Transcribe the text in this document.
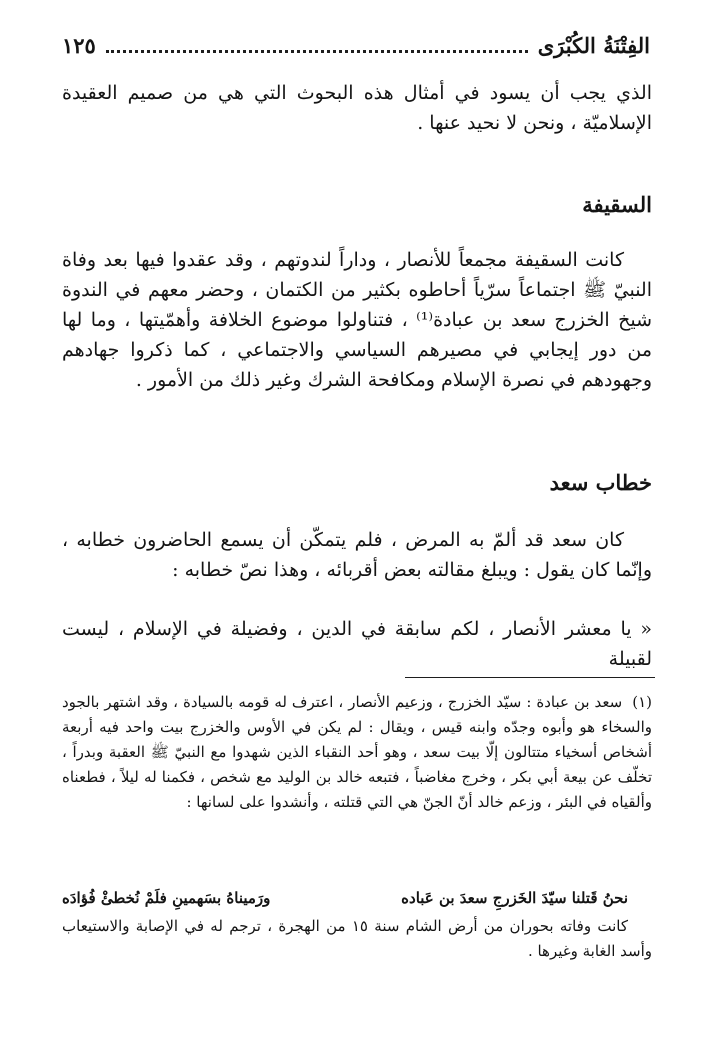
الفِتْنَةُ الكُبْرَى
١٢٥
الذي يجب أن يسود في أمثال هذه البحوث التي هي من صميم العقيدة الإسلاميّة ، ونحن لا نحيد عنها .
السقيفة
كانت السقيفة مجمعاً للأنصار ، وداراً لندوتهم ، وقد عقدوا فيها بعد وفاة النبيّ ﷺ اجتماعاً سرّياً أحاطوه بكثير من الكتمان ، وحضر معهم في الندوة شيخ الخزرج سعد بن عبادة⁽¹⁾ ، فتناولوا موضوع الخلافة وأهمّيتها ، وما لها من دور إيجابي في مصيرهم السياسي والاجتماعي ، كما ذكروا جهادهم وجهودهم في نصرة الإسلام ومكافحة الشرك وغير ذلك من الأمور .
خطاب سعد
كان سعد قد ألمّ به المرض ، فلم يتمكّن أن يسمع الحاضرون خطابه ، وإنّما كان يقول : ويبلغ مقالته بعض أقربائه ، وهذا نصّ خطابه :
« يا معشر الأنصار ، لكم سابقة في الدين ، وفضيلة في الإسلام ، ليست لقبيلة
(١)سعد بن عبادة : سيّد الخزرج ، وزعيم الأنصار ، اعترف له قومه بالسيادة ، وقد اشتهر بالجود والسخاء هو وأبوه وجدّه وابنه قيس ، ويقال : لم يكن في الأوس والخزرج بيت واحد فيه أربعة أشخاص أسخياء متتالون إلّا بيت سعد ، وهو أحد النقباء الذين شهدوا مع النبيّ ﷺ العقبة وبدراً ، تخلّف عن بيعة أبي بكر ، وخرج مغاضباً ، فتبعه خالد بن الوليد مع شخص ، فكمنا له ليلاً ، فطعناه وألقياه في البئر ، وزعم خالد أنّ الجنّ هي التي قتلته ، وأنشدوا على لسانها :
نحنُ قَتلنا سيّدَ الخَزرجِ سعدَ بن عَباده
ورَميناهُ بسَهمينِ فلَمْ نُخطئْ فُؤادَه
كانت وفاته بحوران من أرض الشام سنة ١٥ من الهجرة ، ترجم له في الإصابة والاستيعاب وأسد الغابة وغيرها .
